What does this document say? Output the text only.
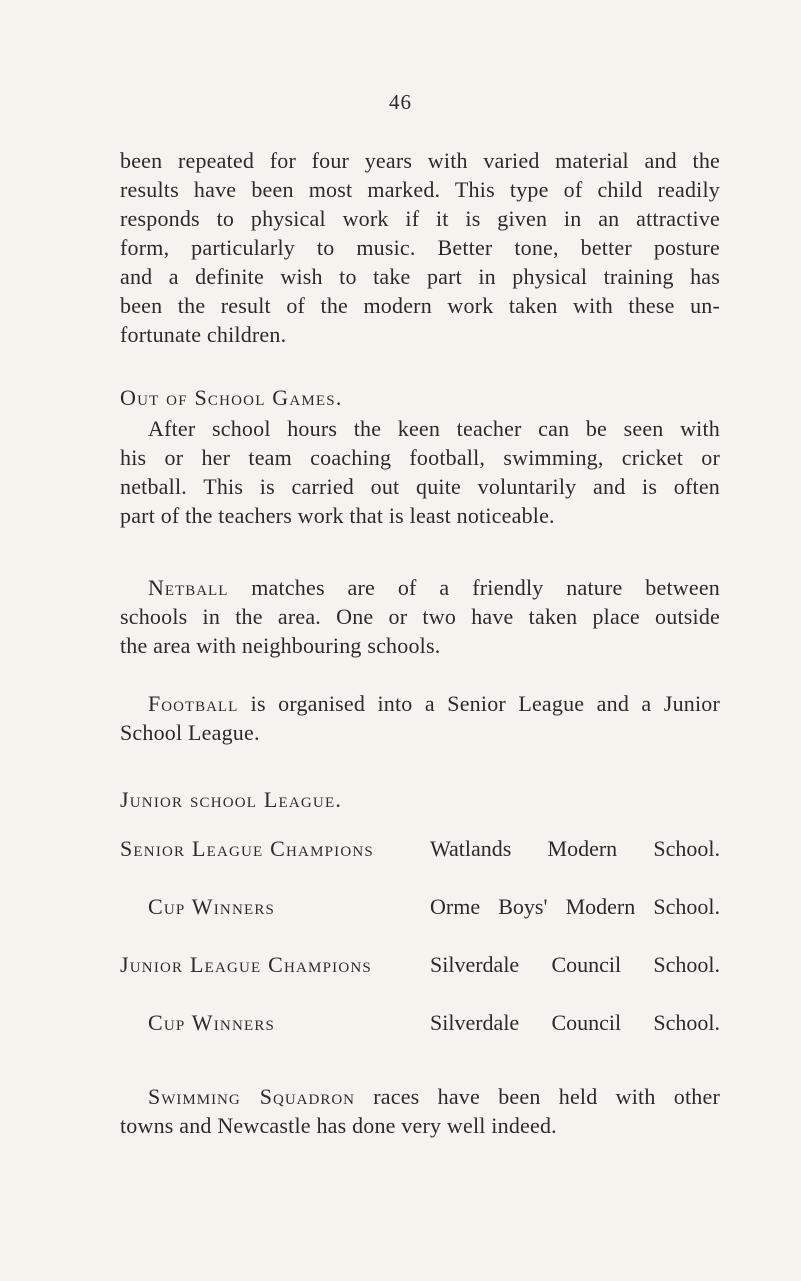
46
been repeated for four years with varied material and the
results have been most marked. This type of child readily
responds to physical work if it is given in an attractive
form, particularly to music. Better tone, better posture
and a definite wish to take part in physical training has
been the result of the modern work taken with these un-
fortunate children.
Out of School Games.
After school hours the keen teacher can be seen with
his or her team coaching football, swimming, cricket or
netball. This is carried out quite voluntarily and is often
part of the teachers work that is least noticeable.
Netball matches are of a friendly nature between
schools in the area. One or two have taken place outside
the area with neighbouring schools.
Football is organised into a Senior League and a Junior
School League.
Junior school League.
Senior League Champions	Watlands Modern School.
Cup Winners	Orme Boys' Modern School.
Junior League Champions	Silverdale Council School.
Cup Winners	Silverdale Council School.
Swimming Squadron races have been held with other
towns and Newcastle has done very well indeed.
